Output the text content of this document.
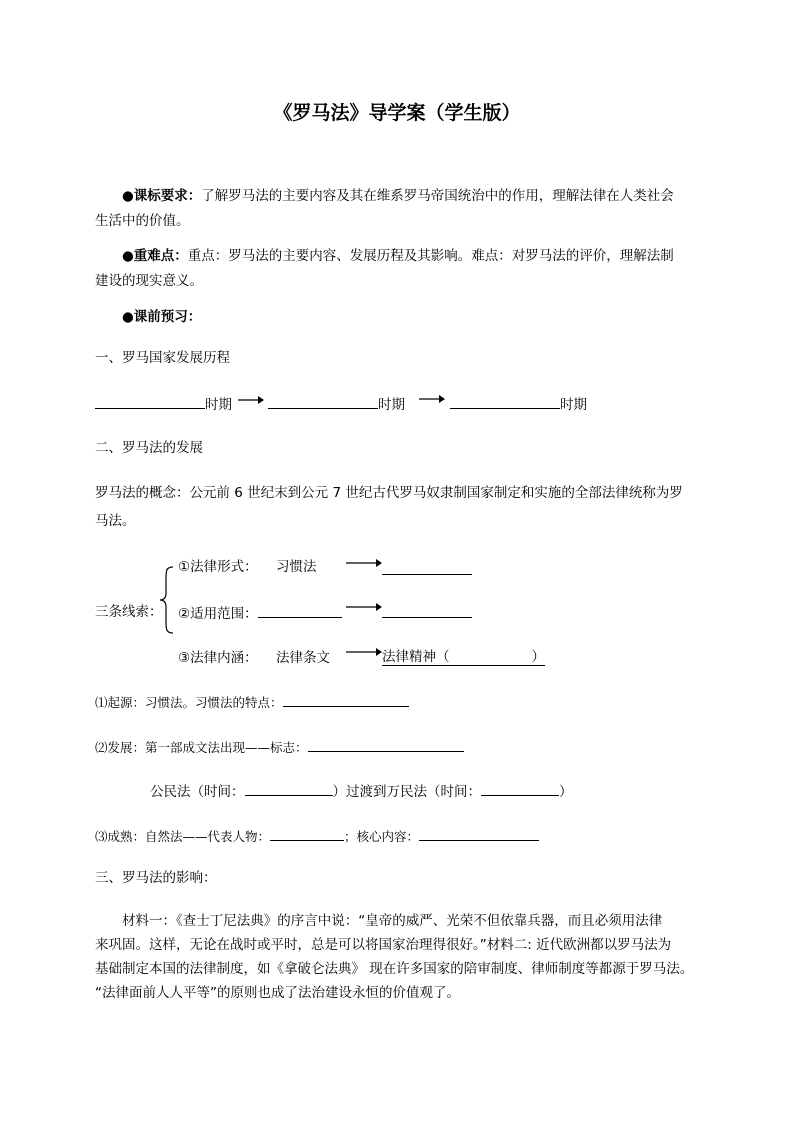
《罗马法》导学案（学生版）
●课标要求：了解罗马法的主要内容及其在维系罗马帝国统治中的作用，理解法律在人类社会
生活中的价值。
●重难点：重点：罗马法的主要内容、发展历程及其影响。难点：对罗马法的评价，理解法制
建设的现实意义。
●课前预习：
一、罗马国家发展历程
时期	时期	时期
二、罗马法的发展
罗马法的概念：公元前 6 世纪末到公元 7 世纪古代罗马奴隶制国家制定和实施的全部法律统称为罗
马法。
三条线索：
①法律形式： 习惯法
②适用范围：
③法律内涵： 法律条文	法律精神（	）
⑴起源：习惯法。习惯法的特点：
⑵发展：第一部成文法出现——标志：
公民法（时间：	）过渡到万民法（时间：	）
⑶成熟：自然法——代表人物：	；核心内容：
三、罗马法的影响：
材料一：《查士丁尼法典》的序言中说：“皇帝的威严、光荣不但依靠兵器，而且必须用法律
来巩固。这样，无论在战时或平时，总是可以将国家治理得很好。”材料二: 近代欧洲都以罗马法为
基础制定本国的法律制度，如《拿破仑法典》 现在许多国家的陪审制度、律师制度等都源于罗马法。
“法律面前人人平等”的原则也成了法治建设永恒的价值观了。
